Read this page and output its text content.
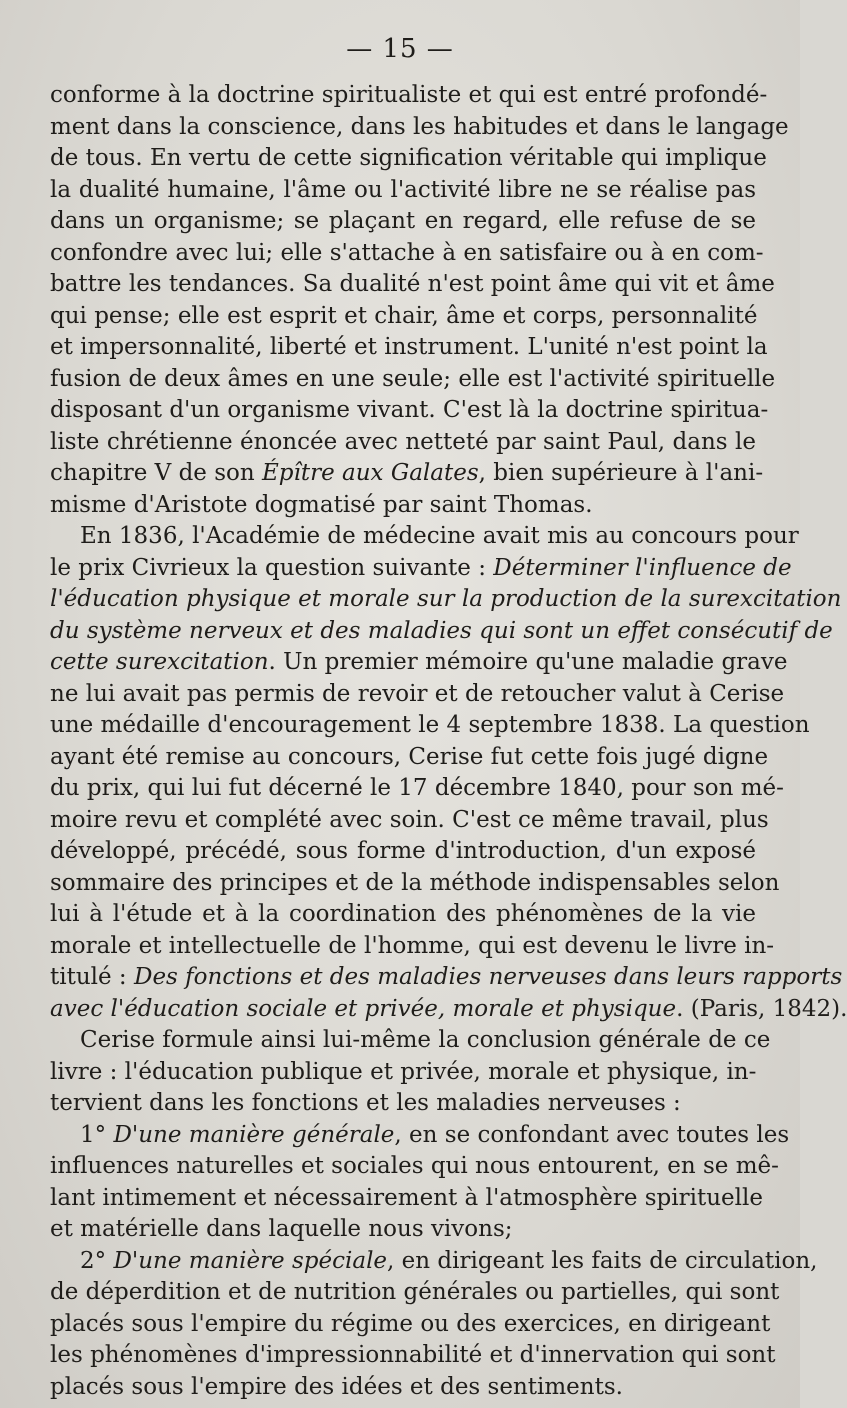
— 15 —
conforme à la doctrine spiritualiste et qui est entré profondé-
ment dans la conscience, dans les habitudes et dans le langage
de tous. En vertu de cette signification véritable qui implique
la dualité humaine, l'âme ou l'activité libre ne se réalise pas
dans un organisme; se plaçant en regard, elle refuse de se
confondre avec lui; elle s'attache à en satisfaire ou à en com-
battre les tendances. Sa dualité n'est point âme qui vit et âme
qui pense; elle est esprit et chair, âme et corps, personnalité
et impersonnalité, liberté et instrument. L'unité n'est point la
fusion de deux âmes en une seule; elle est l'activité spirituelle
disposant d'un organisme vivant. C'est là la doctrine spiritua-
liste chrétienne énoncée avec netteté par saint Paul, dans le
chapitre V de son Épître aux Galates, bien supérieure à l'ani-
misme d'Aristote dogmatisé par saint Thomas.
En 1836, l'Académie de médecine avait mis au concours pour
le prix Civrieux la question suivante : Déterminer l'influence de
l'éducation physique et morale sur la production de la surexcitation
du système nerveux et des maladies qui sont un effet consécutif de
cette surexcitation. Un premier mémoire qu'une maladie grave
ne lui avait pas permis de revoir et de retoucher valut à Cerise
une médaille d'encouragement le 4 septembre 1838. La question
ayant été remise au concours, Cerise fut cette fois jugé digne
du prix, qui lui fut décerné le 17 décembre 1840, pour son mé-
moire revu et complété avec soin. C'est ce même travail, plus
développé, précédé, sous forme d'introduction, d'un exposé
sommaire des principes et de la méthode indispensables selon
lui à l'étude et à la coordination des phénomènes de la vie
morale et intellectuelle de l'homme, qui est devenu le livre in-
titulé : Des fonctions et des maladies nerveuses dans leurs rapports
avec l'éducation sociale et privée, morale et physique. (Paris, 1842).
Cerise formule ainsi lui-même la conclusion générale de ce
livre : l'éducation publique et privée, morale et physique, in-
tervient dans les fonctions et les maladies nerveuses :
1° D'une manière générale, en se confondant avec toutes les
influences naturelles et sociales qui nous entourent, en se mê-
lant intimement et nécessairement à l'atmosphère spirituelle
et matérielle dans laquelle nous vivons;
2° D'une manière spéciale, en dirigeant les faits de circulation,
de déperdition et de nutrition générales ou partielles, qui sont
placés sous l'empire du régime ou des exercices, en dirigeant
les phénomènes d'impressionnabilité et d'innervation qui sont
placés sous l'empire des idées et des sentiments.
